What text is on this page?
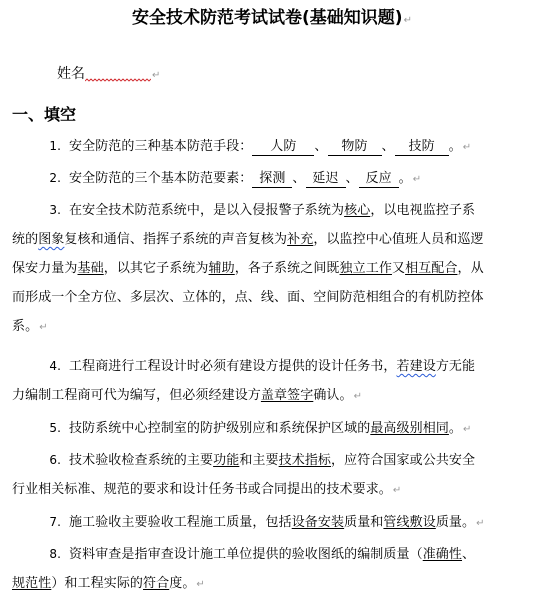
安全技术防范考试试卷(基础知识题)↵
姓名	↵
一、填空
1. 安全防范的三种基本防范手段： 人防 、 物防 、 技防 。↵
2. 安全防范的三个基本防范要素： 探测 、 延迟 、 反应 。↵
3. 在安全技术防范系统中，是以入侵报警子系统为核心，以电视监控子系
统的图象复核和通信、指挥子系统的声音复核为补充，以监控中心值班人员和巡逻
保安力量为基础，以其它子系统为辅助，各子系统之间既独立工作又相互配合，从
而形成一个全方位、多层次、立体的，点、线、面、空间防范相组合的有机防控体
系。↵
4. 工程商进行工程设计时必须有建设方提供的设计任务书，若建设方无能
力编制工程商可代为编写，但必须经建设方盖章签字确认。↵
5. 技防系统中心控制室的防护级别应和系统保护区域的最高级别相同。↵
6. 技术验收检查系统的主要功能和主要技术指标，应符合国家或公共安全
行业相关标准、规范的要求和设计任务书或合同提出的技术要求。↵
7. 施工验收主要验收工程施工质量，包括设备安装质量和管线敷设质量。↵
8. 资料审查是指审查设计施工单位提供的验收图纸的编制质量（准确性、
规范性）和工程实际的符合度。↵
